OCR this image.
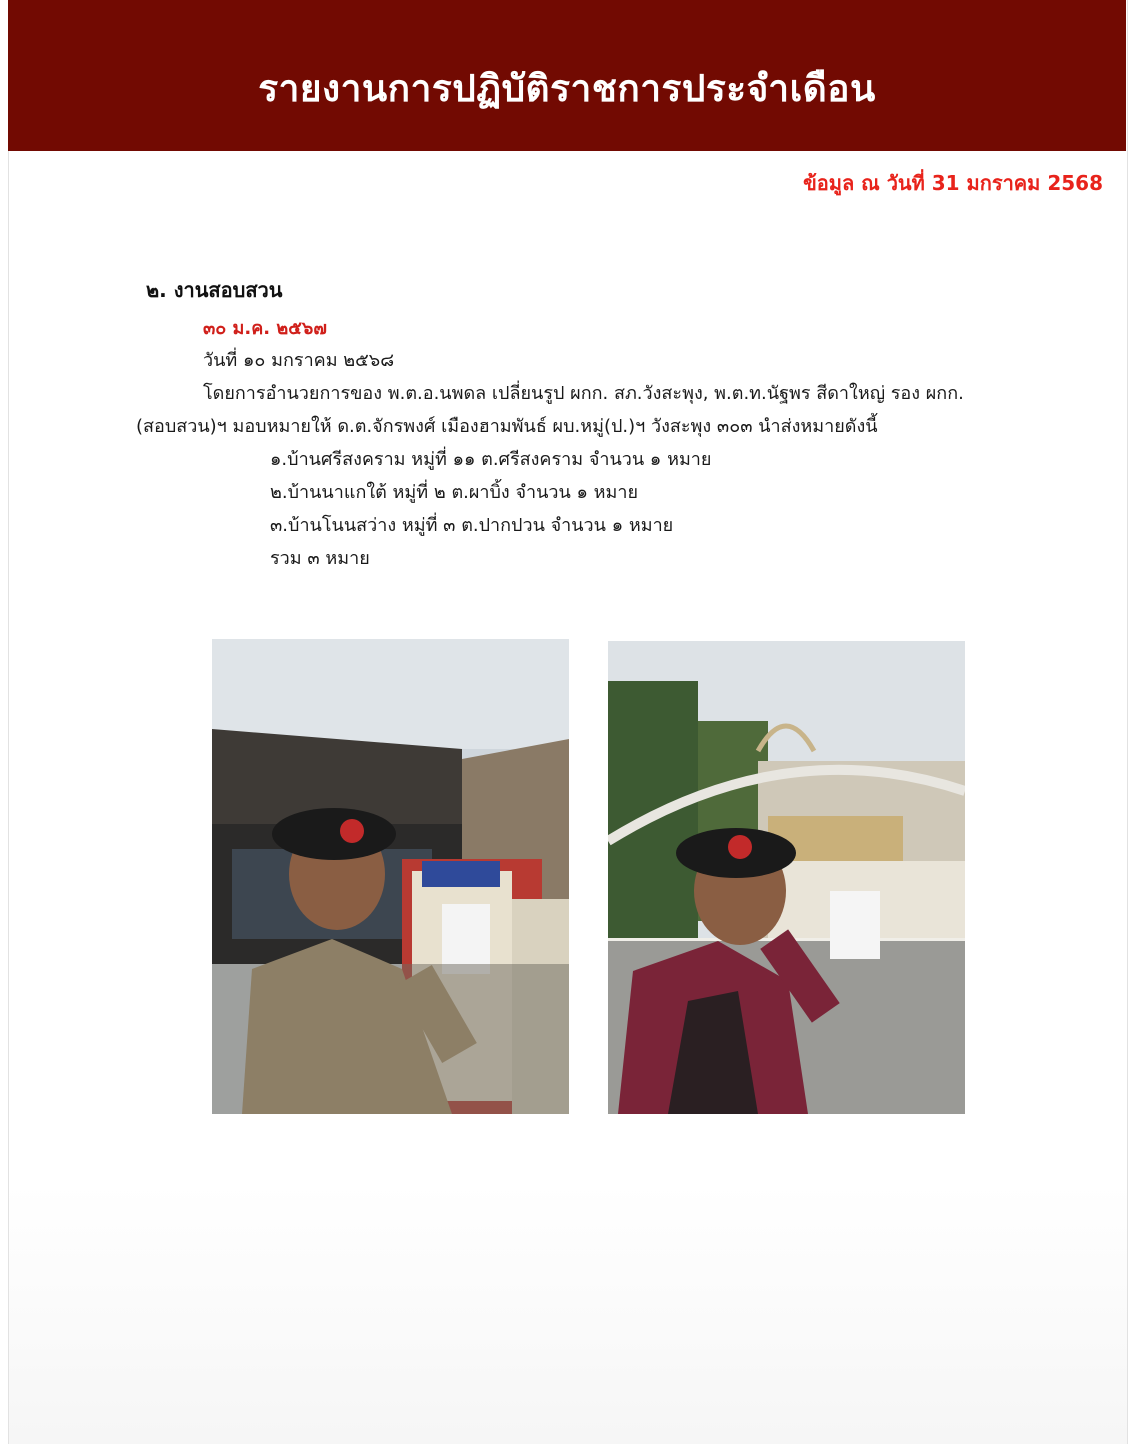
รายงานการปฏิบัติราชการประจำเดือน
ข้อมูล ณ วันที่ 31 มกราคม 2568
๒. งานสอบสวน
๓๐ ม.ค. ๒๕๖๗
วันที่ ๑๐ มกราคม ๒๕๖๘
โดยการอำนวยการของ พ.ต.อ.นพดล เปลี่ยนรูป ผกก. สภ.วังสะพุง, พ.ต.ท.นัฐพร สีดาใหญ่ รอง ผกก.
(สอบสวน)ฯ มอบหมายให้ ด.ต.จักรพงศ์ เมืองฮามพันธ์ ผบ.หมู่(ป.)ฯ วังสะพุง ๓๐๓ นำส่งหมายดังนี้
๑.บ้านศรีสงคราม หมู่ที่ ๑๑ ต.ศรีสงคราม จำนวน ๑ หมาย
๒.บ้านนาแกใต้ หมู่ที่ ๒ ต.ผาบิ้ง จำนวน ๑ หมาย
๓.บ้านโนนสว่าง หมู่ที่ ๓ ต.ปากปวน จำนวน ๑ หมาย
รวม ๓ หมาย
